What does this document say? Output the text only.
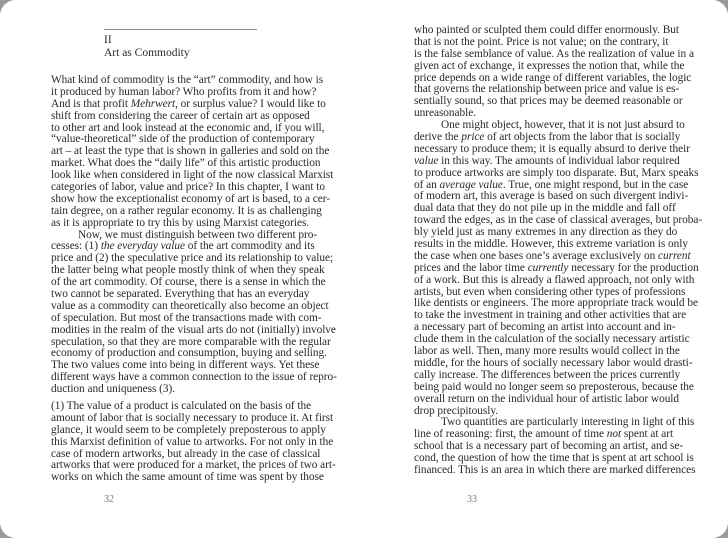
II
Art as Commodity
What kind of commodity is the “art” commodity, and how is
it produced by human labor? Who profits from it and how?
And is that profit Mehrwert, or surplus value? I would like to
shift from considering the career of certain art as opposed
to other art and look instead at the economic and, if you will,
“value-theoretical” side of the production of contemporary
art – at least the type that is shown in galleries and sold on the
market. What does the “daily life” of this artistic production
look like when considered in light of the now classical Marxist
categories of labor, value and price? In this chapter, I want to
show how the exceptionalist economy of art is based, to a cer-
tain degree, on a rather regular economy. It is as challenging
as it is appropriate to try this by using Marxist categories.
Now, we must distinguish between two different pro-
cesses: (1) the everyday value of the art commodity and its
price and (2) the speculative price and its relationship to value;
the latter being what people mostly think of when they speak
of the art commodity. Of course, there is a sense in which the
two cannot be separated. Everything that has an everyday
value as a commodity can theoretically also become an object
of speculation. But most of the transactions made with com-
modities in the realm of the visual arts do not (initially) involve
speculation, so that they are more comparable with the regular
economy of production and consumption, buying and selling.
The two values come into being in different ways. Yet these
different ways have a common connection to the issue of repro-
duction and uniqueness (3).
(1) The value of a product is calculated on the basis of the
amount of labor that is socially necessary to produce it. At first
glance, it would seem to be completely preposterous to apply
this Marxist definition of value to artworks. For not only in the
case of modern artworks, but already in the case of classical
artworks that were produced for a market, the prices of two art-
works on which the same amount of time was spent by those
32
who painted or sculpted them could differ enormously. But
that is not the point. Price is not value; on the contrary, it
is the false semblance of value. As the realization of value in a
given act of exchange, it expresses the notion that, while the
price depends on a wide range of different variables, the logic
that governs the relationship between price and value is es-
sentially sound, so that prices may be deemed reasonable or
unreasonable.
One might object, however, that it is not just absurd to
derive the price of art objects from the labor that is socially
necessary to produce them; it is equally absurd to derive their
value in this way. The amounts of individual labor required
to produce artworks are simply too disparate. But, Marx speaks
of an average value. True, one might respond, but in the case
of modern art, this average is based on such divergent indivi-
dual data that they do not pile up in the middle and fall off
toward the edges, as in the case of classical averages, but proba-
bly yield just as many extremes in any direction as they do
results in the middle. However, this extreme variation is only
the case when one bases one’s average exclusively on current
prices and the labor time currently necessary for the production
of a work. But this is already a flawed approach, not only with
artists, but even when considering other types of professions
like dentists or engineers. The more appropriate track would be
to take the investment in training and other activities that are
a necessary part of becoming an artist into account and in-
clude them in the calculation of the socially necessary artistic
labor as well. Then, many more results would collect in the
middle, for the hours of socially necessary labor would drasti-
cally increase. The differences between the prices currently
being paid would no longer seem so preposterous, because the
overall return on the individual hour of artistic labor would
drop precipitously.
Two quantities are particularly interesting in light of this
line of reasoning: first, the amount of time not spent at art
school that is a necessary part of becoming an artist, and se-
cond, the question of how the time that is spent at art school is
financed. This is an area in which there are marked differences
33
